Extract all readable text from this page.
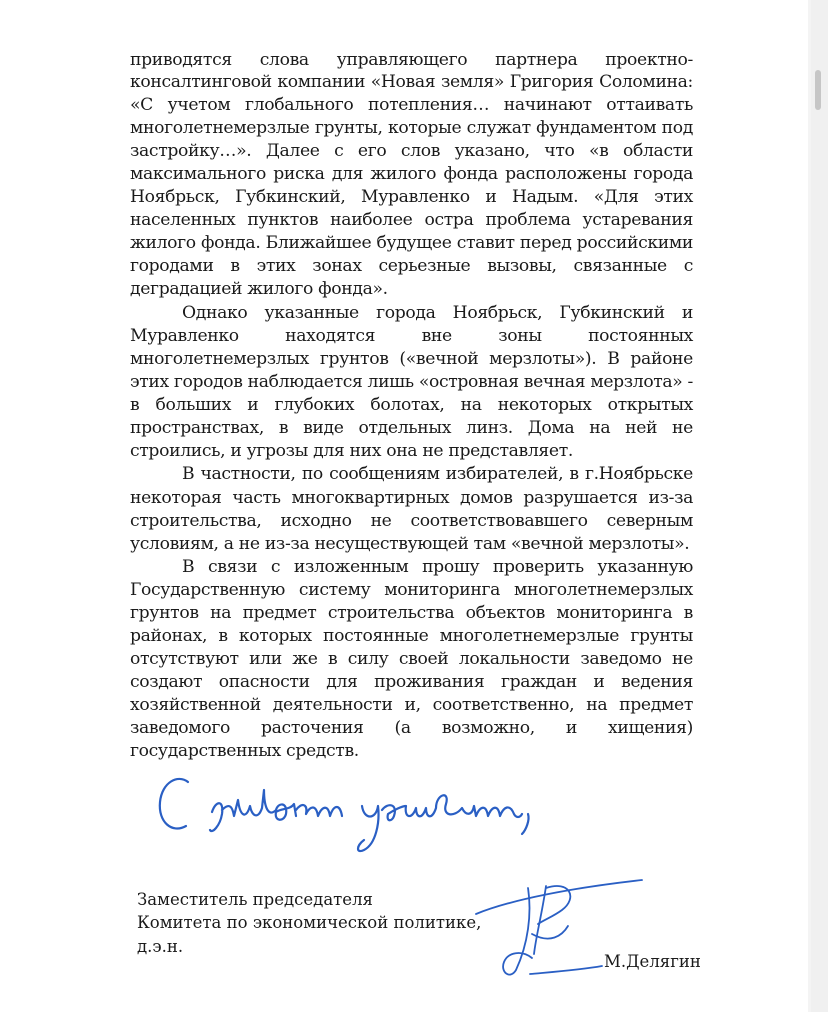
приводятся слова управляющего партнера проектно-
консалтинговой компании «Новая земля» Григория Соломина:
«С учетом глобального потепления… начинают оттаивать
многолетнемерзлые грунты, которые служат фундаментом под
застройку…». Далее с его слов указано, что «в области
максимального риска для жилого фонда расположены города
Ноябрьск, Губкинский, Муравленко и Надым. «Для этих
населенных пунктов наиболее остра проблема устаревания
жилого фонда. Ближайшее будущее ставит перед российскими
городами в этих зонах серьезные вызовы, связанные с
деградацией жилого фонда».
Однако указанные города Ноябрьск, Губкинский и
Муравленко находятся вне зоны постоянных
многолетнемерзлых грунтов («вечной мерзлоты»). В районе
этих городов наблюдается лишь «островная вечная мерзлота» -
в больших и глубоких болотах, на некоторых открытых
пространствах, в виде отдельных линз. Дома на ней не
строились, и угрозы для них она не представляет.
В частности, по сообщениям избирателей, в г.Ноябрьске
некоторая часть многоквартирных домов разрушается из-за
строительства, исходно не соответствовавшего северным
условиям, а не из-за несуществующей там «вечной мерзлоты».
В связи с изложенным прошу проверить указанную
Государственную систему мониторинга многолетнемерзлых
грунтов на предмет строительства объектов мониторинга в
районах, в которых постоянные многолетнемерзлые грунты
отсутствуют или же в силу своей локальности заведомо не
создают опасности для проживания граждан и ведения
хозяйственной деятельности и, соответственно, на предмет
заведомого расточения (а возможно, и хищения)
государственных средств.
Заместитель председателя
Комитета по экономической политике,
д.э.н.
М.Делягин
